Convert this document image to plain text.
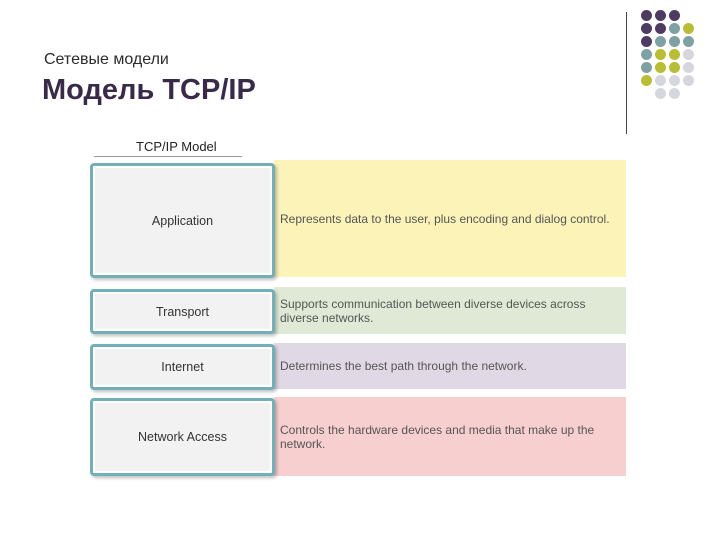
Сетевые модели
Модель TCP/IP
TCP/IP Model
Represents data to the user, plus encoding and dialog control.
Application
Supports communication between diverse devices across diverse networks.
Transport
Determines the best path through the network.
Internet
Controls the hardware devices and media that make up the network.
Network Access
